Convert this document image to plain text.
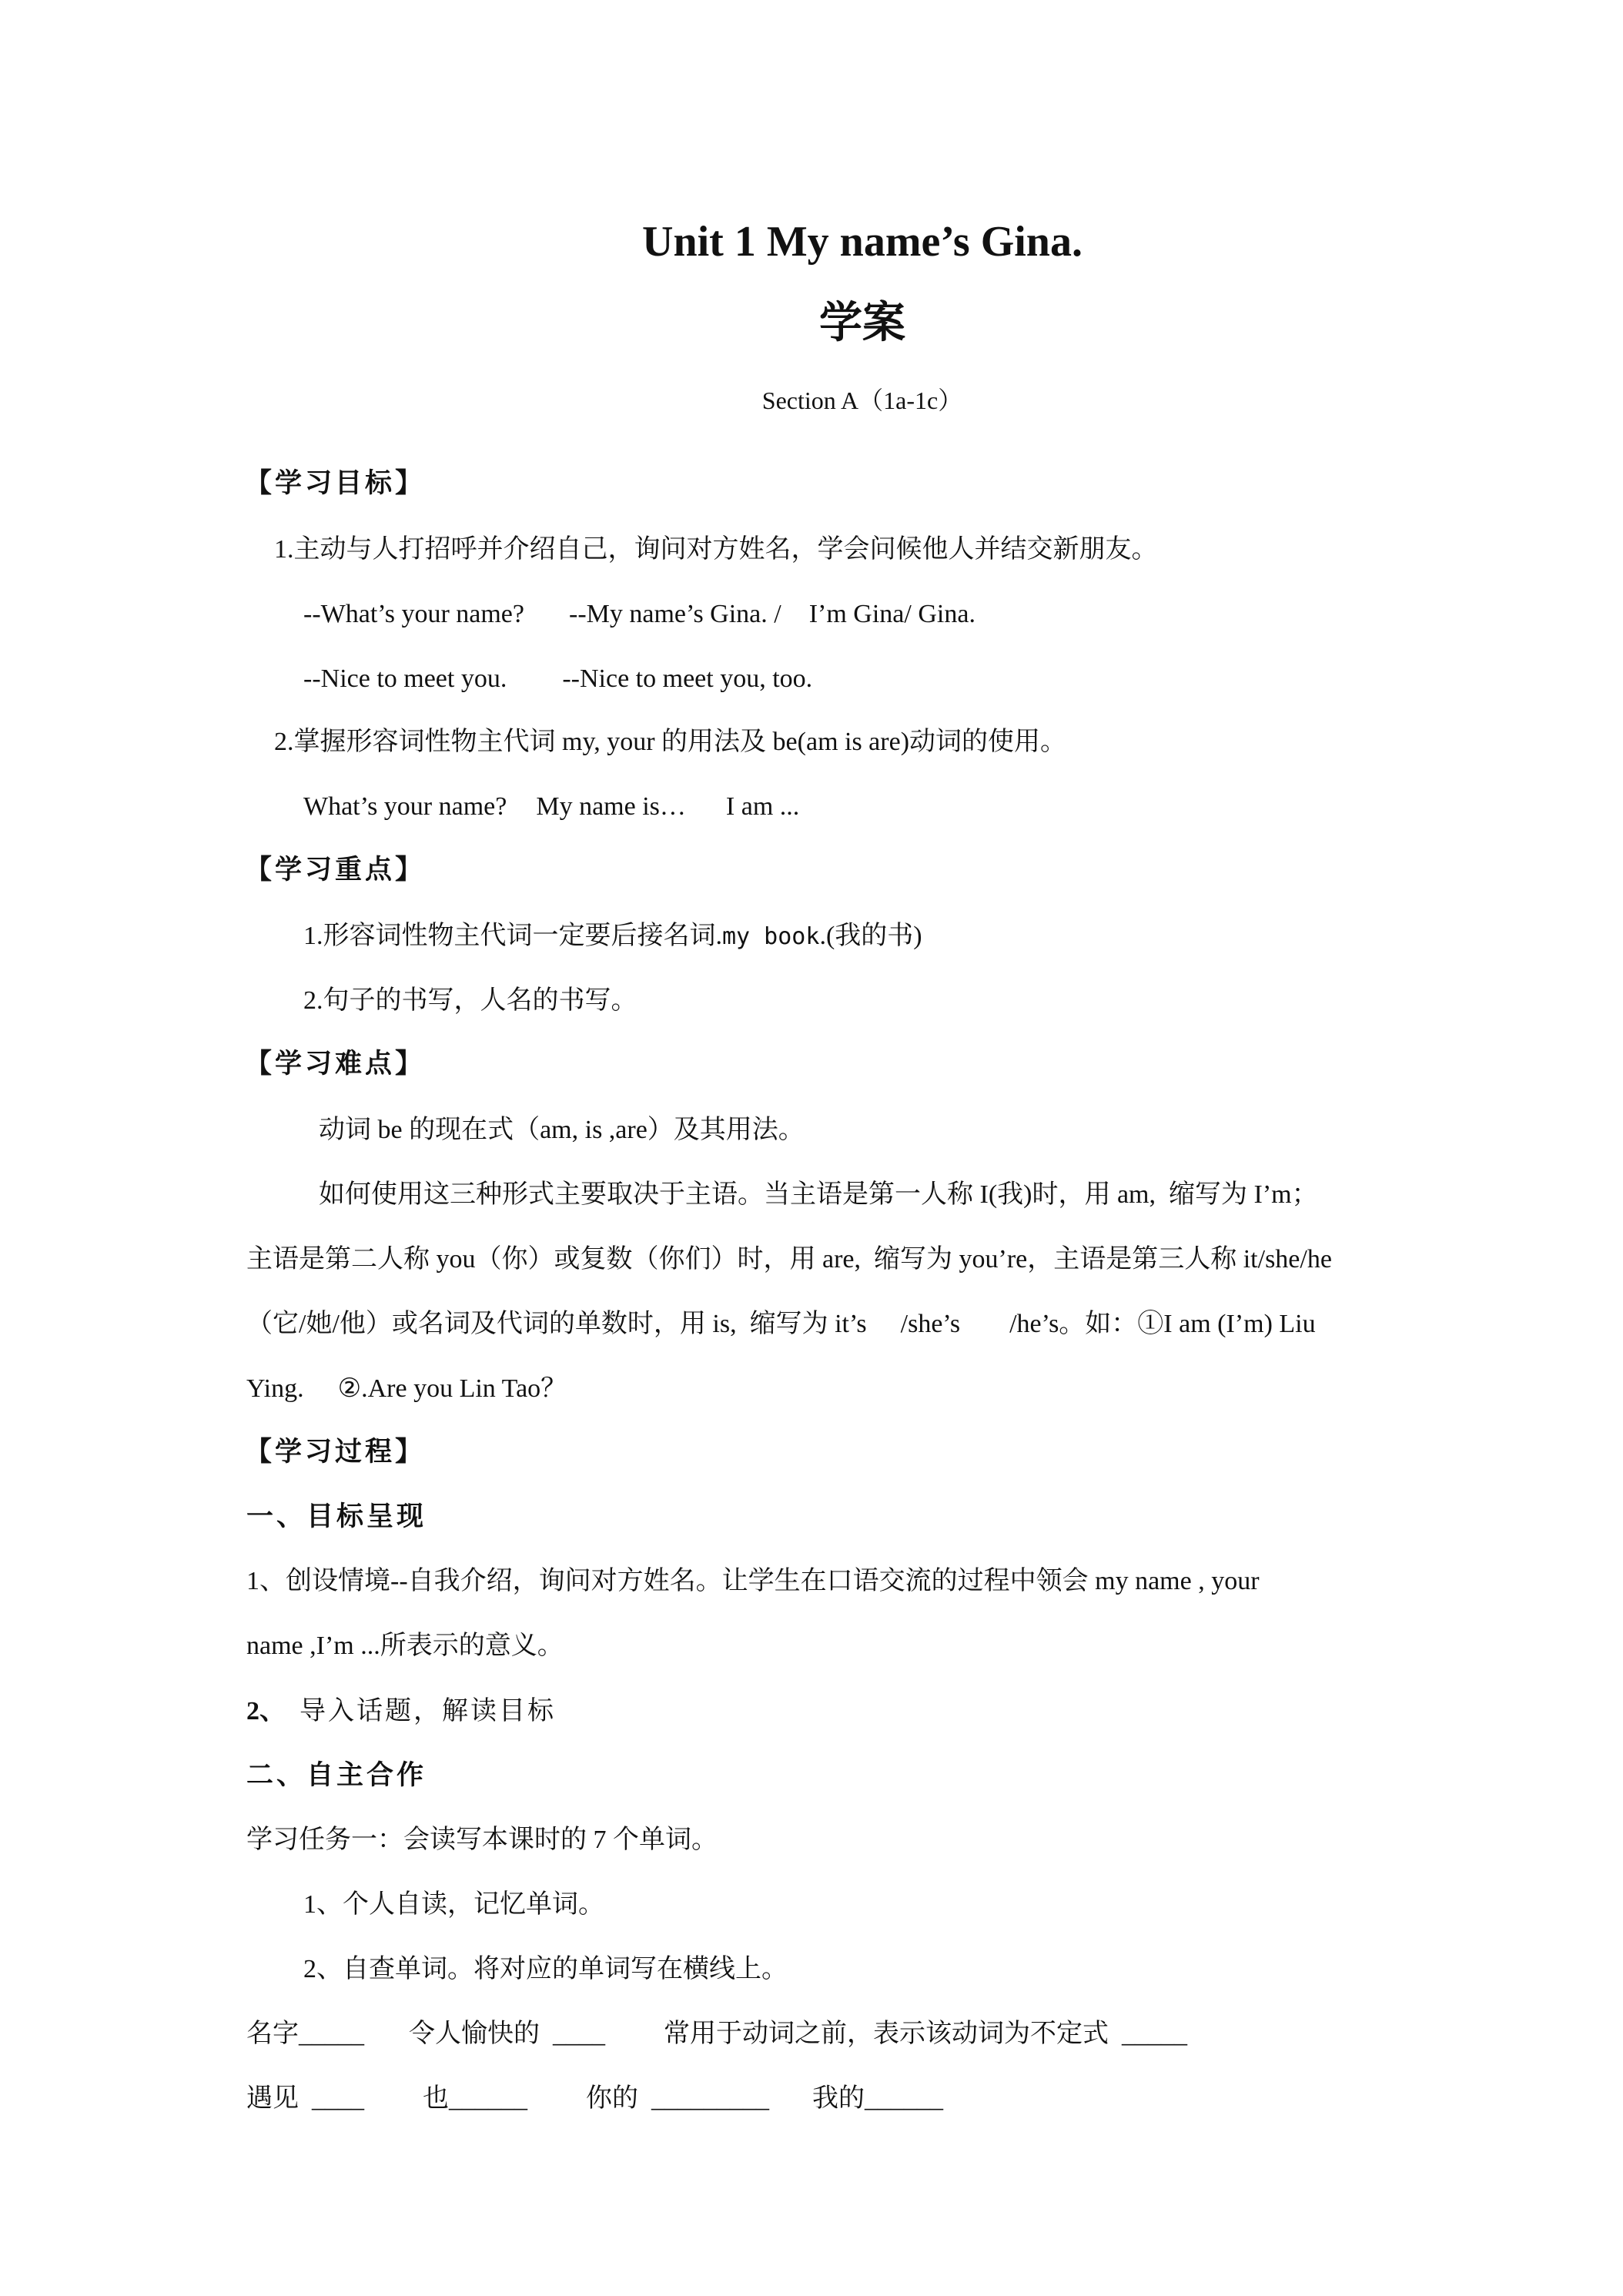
Unit 1 My name’s Gina.
学案
Section A（1a-1c）
【学习目标】
1.主动与人打招呼并介绍自己，询问对方姓名，学会问候他人并结交新朋友。
--What’s your name? --My name’s Gina. / I’m Gina/ Gina.
--Nice to meet you. --Nice to meet you, too.
2.掌握形容词性物主代词 my, your 的用法及 be(am is are)动词的使用。
What’s your name? My name is… I am ...
【学习重点】
1.形容词性物主代词一定要后接名词.my book.(我的书)
2.句子的书写，人名的书写。
【学习难点】
动词 be 的现在式（am, is ,are）及其用法。
如何使用这三种形式主要取决于主语。当主语是第一人称 I(我)时，用 am,  缩写为 I’m；
主语是第二人称 you（你）或复数（你们）时，用 are,  缩写为 you’re，主语是第三人称 it/she/he
（它/她/他）或名词及代词的单数时，用 is,  缩写为 it’s /she’s /he’s。如：①I am (I’m) Liu
Ying. ②.Are you Lin Tao？
【学习过程】
一、目标呈现
1、创设情境--自我介绍，询问对方姓名。让学生在口语交流的过程中领会 my name , your
name ,I’m ...所表示的意义。
2、 导入话题，解读目标
二、自主合作
学习任务一：会读写本课时的 7 个单词。
1、个人自读，记忆单词。
2、自查单词。将对应的单词写在横线上。
名字_____ 令人愉快的  ____ 常用于动词之前，表示该动词为不定式  _____
遇见  ____ 也______ 你的  _________ 我的______
